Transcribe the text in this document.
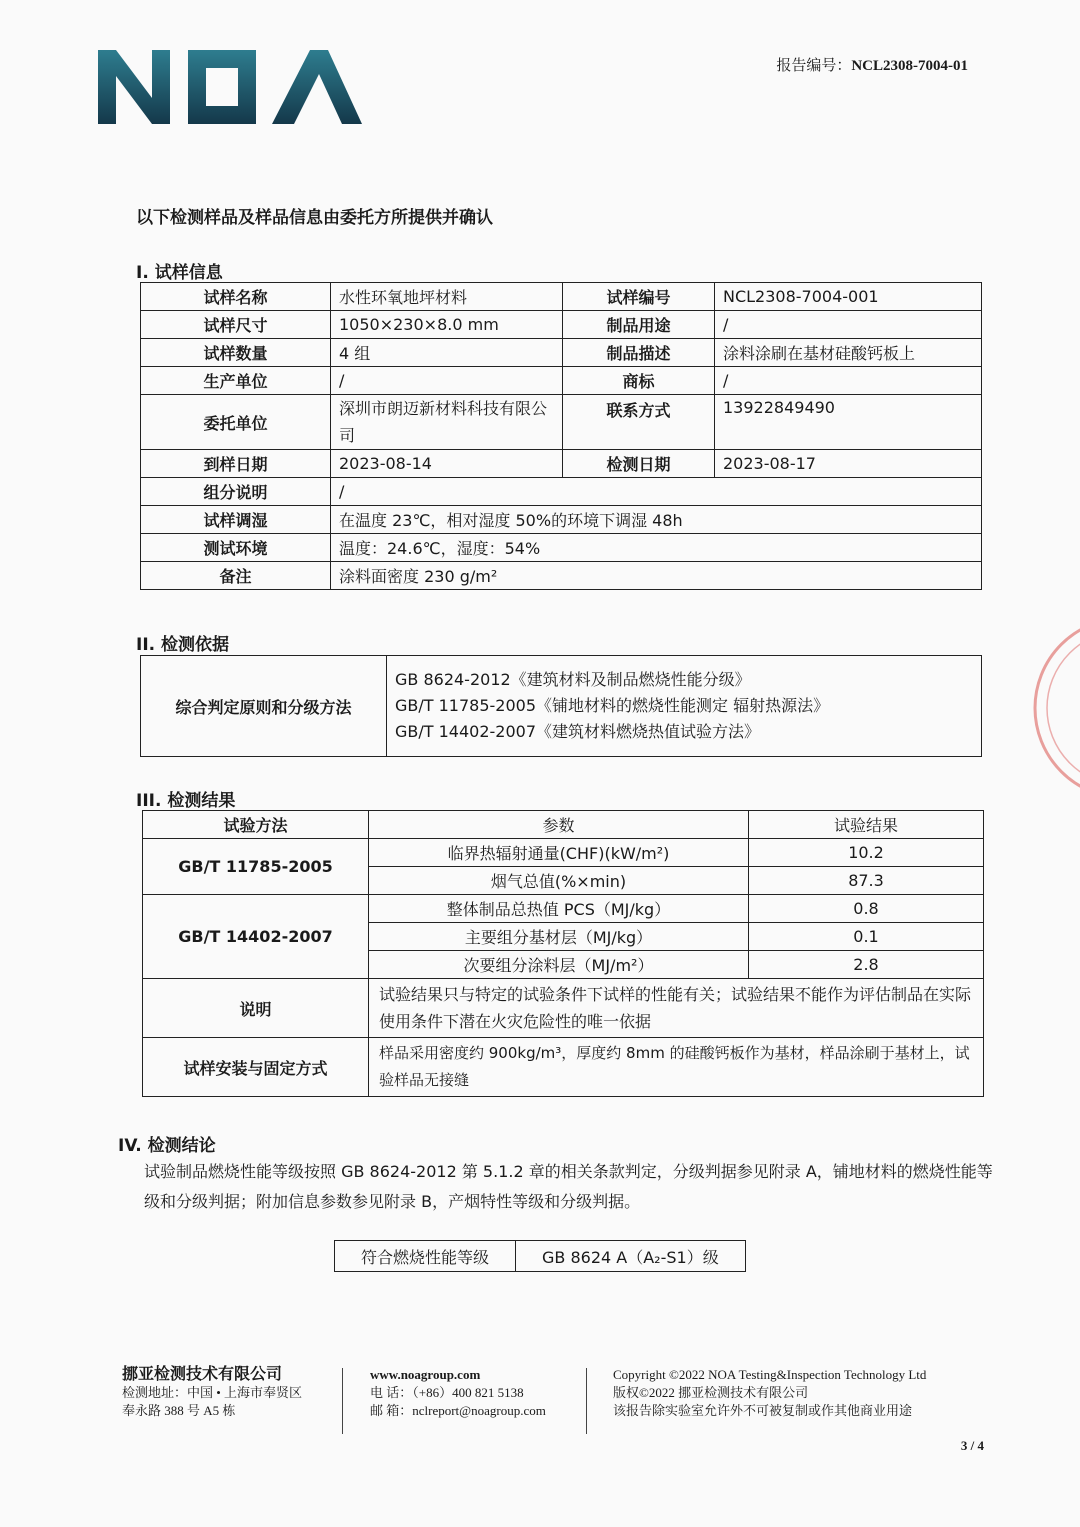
报告编号：NCL2308-7004-01
以下检测样品及样品信息由委托方所提供并确认
I. 试样信息
试样名称	水性环氧地坪材料	试样编号	NCL2308-7004-001
试样尺寸	1050×230×8.0 mm	制品用途	/
试样数量	4 组	制品描述	涂料涂刷在基材硅酸钙板上
生产单位	/	商标	/
委托单位	深圳市朗迈新材料科技有限公司	联系方式	13922849490
到样日期	2023-08-14	检测日期	2023-08-17
组分说明	/		
试样调湿	在温度 23℃，相对湿度 50%的环境下调湿 48h		
测试环境	温度：24.6℃，湿度：54%		
备注	涂料面密度 230 g/m²		
II. 检测依据
综合判定原则和分级方法	
GB 8624-2012《建筑材料及制品燃烧性能分级》
GB/T 11785-2005《铺地材料的燃烧性能测定 辐射热源法》
GB/T 14402-2007《建筑材料燃烧热值试验方法》
III. 检测结果
试验方法	参数	试验结果
GB/T 11785-2005	临界热辐射通量(CHF)(kW/m²)	10.2
	烟气总值(%×min)	87.3
GB/T 14402-2007	整体制品总热值 PCS（MJ/kg）	0.8
	主要组分基材层（MJ/kg）	0.1
	次要组分涂料层（MJ/m²）	2.8
说明	试验结果只与特定的试验条件下试样的性能有关；试验结果不能作为评估制品在实际使用条件下潜在火灾危险性的唯一依据	
试样安装与固定方式	样品采用密度约 900kg/m³，厚度约 8mm 的硅酸钙板作为基材，样品涂刷于基材上，试验样品无接缝	
IV. 检测结论
试验制品燃烧性能等级按照 GB 8624-2012 第 5.1.2 章的相关条款判定，分级判据参见附录 A，铺地材料的燃烧性能等级和分级判据；附加信息参数参见附录 B，产烟特性等级和分级判据。
符合燃烧性能等级	GB 8624 A（A₂-S1）级
挪亚检测技术有限公司
检测地址：中国 • 上海市奉贤区
奉永路 388 号 A5 栋
www.noagroup.com
电 话：（+86）400 821 5138
邮 箱：nclreport@noagroup.com
Copyright ©2022 NOA Testing&Inspection Technology Ltd
版权©2022 挪亚检测技术有限公司
该报告除实验室允许外不可被复制或作其他商业用途
3 / 4
